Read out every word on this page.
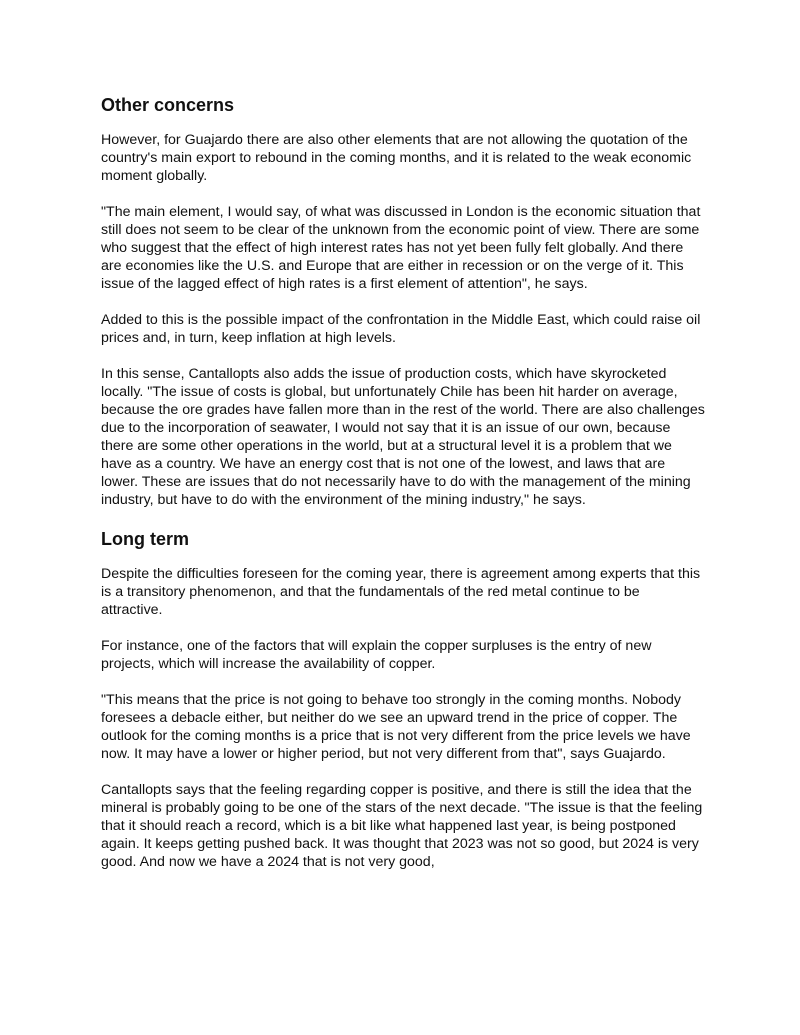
Other concerns

However, for Guajardo there are also other elements that are not allowing the quotation of the country's main export to rebound in the coming months, and it is related to the weak economic moment globally.

"The main element, I would say, of what was discussed in London is the economic situation that still does not seem to be clear of the unknown from the economic point of view. There are some who suggest that the effect of high interest rates has not yet been fully felt globally. And there are economies like the U.S. and Europe that are either in recession or on the verge of it. This issue of the lagged effect of high rates is a first element of attention", he says.

Added to this is the possible impact of the confrontation in the Middle East, which could raise oil prices and, in turn, keep inflation at high levels.

In this sense, Cantallopts also adds the issue of production costs, which have skyrocketed locally. "The issue of costs is global, but unfortunately Chile has been hit harder on average, because the ore grades have fallen more than in the rest of the world. There are also challenges due to the incorporation of seawater, I would not say that it is an issue of our own, because there are some other operations in the world, but at a structural level it is a problem that we have as a country. We have an energy cost that is not one of the lowest, and laws that are lower. These are issues that do not necessarily have to do with the management of the mining industry, but have to do with the environment of the mining industry," he says.

Long term

Despite the difficulties foreseen for the coming year, there is agreement among experts that this is a transitory phenomenon, and that the fundamentals of the red metal continue to be attractive.

For instance, one of the factors that will explain the copper surpluses is the entry of new projects, which will increase the availability of copper.

"This means that the price is not going to behave too strongly in the coming months. Nobody foresees a debacle either, but neither do we see an upward trend in the price of copper. The outlook for the coming months is a price that is not very different from the price levels we have now. It may have a lower or higher period, but not very different from that", says Guajardo.

Cantallopts says that the feeling regarding copper is positive, and there is still the idea that the mineral is probably going to be one of the stars of the next decade. "The issue is that the feeling that it should reach a record, which is a bit like what happened last year, is being postponed again. It keeps getting pushed back. It was thought that 2023 was not so good, but 2024 is very good. And now we have a 2024 that is not very good,
